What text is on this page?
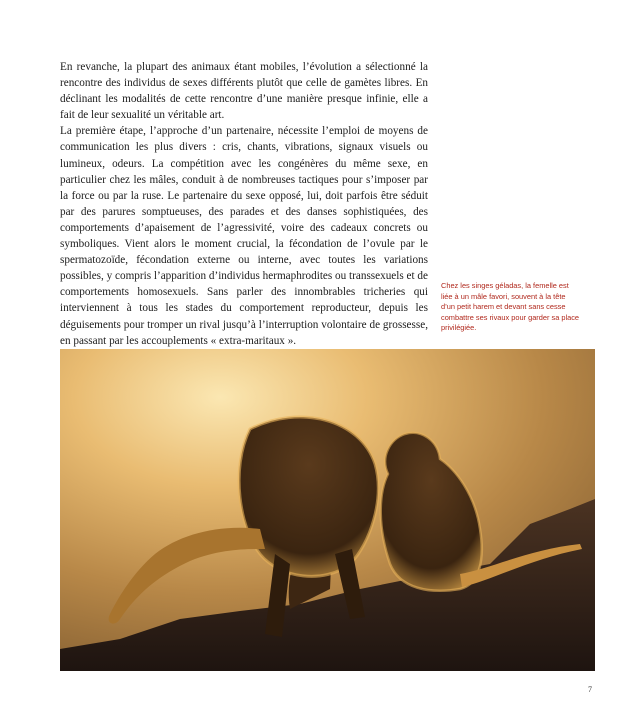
En revanche, la plupart des animaux étant mobiles, l’évolution a sélectionné la rencontre des individus de sexes différents plutôt que celle de gamètes libres. En déclinant les modalités de cette rencontre d’une manière presque infinie, elle a fait de leur sexualité un véritable art.

La première étape, l’approche d’un partenaire, nécessite l’emploi de moyens de communication les plus divers : cris, chants, vibrations, signaux visuels ou lumineux, odeurs. La compétition avec les congénères du même sexe, en particulier chez les mâles, conduit à de nombreuses tactiques pour s’imposer par la force ou par la ruse. Le partenaire du sexe opposé, lui, doit parfois être séduit par des parures somptueuses, des parades et des danses sophistiquées, des comportements d’apaisement de l’agressivité, voire des cadeaux concrets ou symboliques. Vient alors le moment crucial, la fécondation de l’ovule par le spermatozoïde, fécondation externe ou interne, avec toutes les variations possibles, y compris l’apparition d’individus hermaphrodites ou transsexuels et de comportements homosexuels. Sans parler des innombrables tricheries qui interviennent à tous les stades du comportement reproducteur, depuis les déguisements pour tromper un rival jusqu’à l’interruption volontaire de grossesse, en passant par les accouplements « extra-maritaux ».

Chez les singes géladas, la femelle est liée à un mâle favori, souvent à la tête d’un petit harem et devant sans cesse combattre ses rivaux pour garder sa place privilégiée.
7
